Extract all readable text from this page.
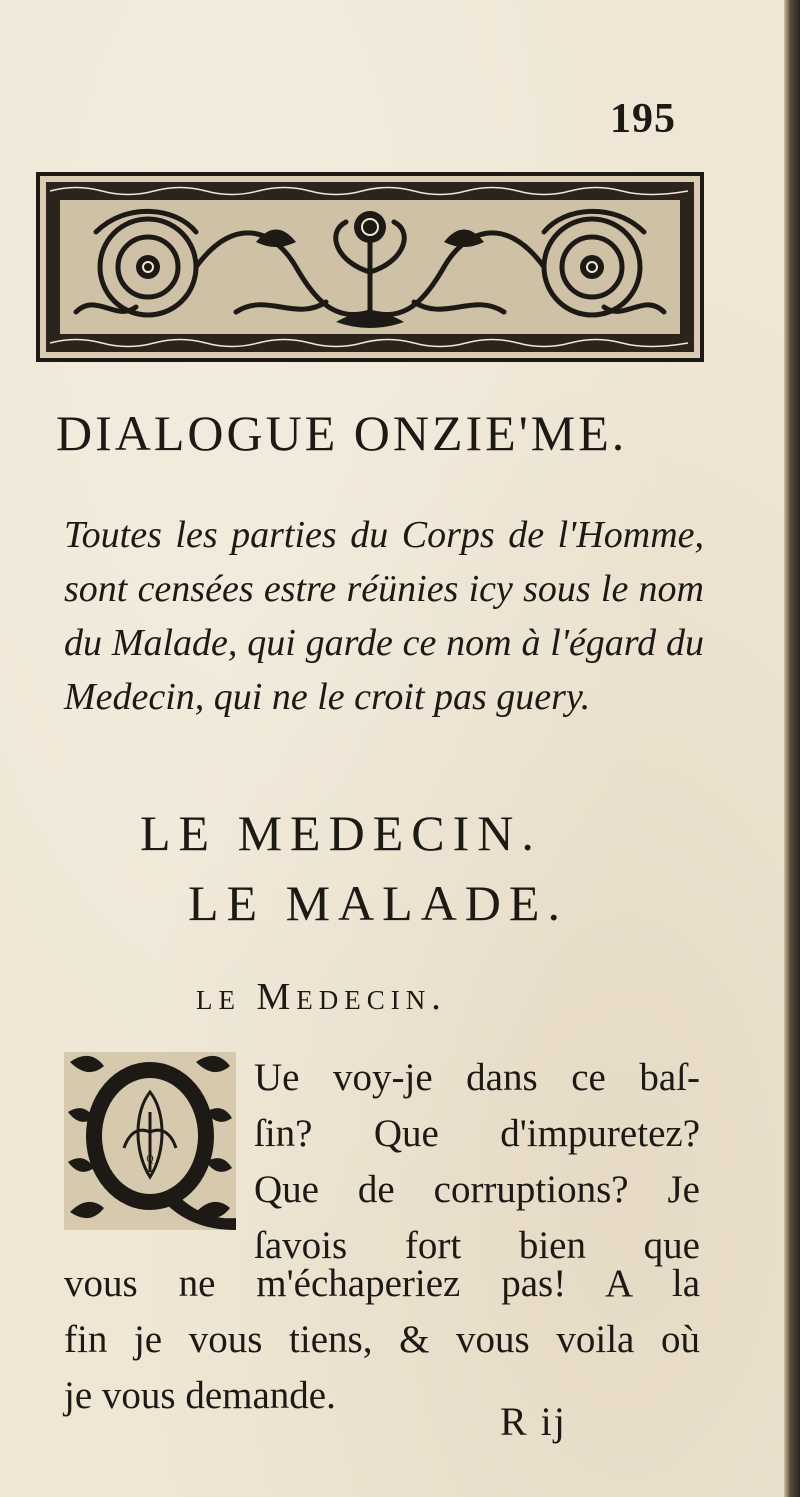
195
DIALOGUE ONZIE'ME.

Toutes les parties du Corps de l'Homme, sont censées estre réünies icy sous le nom du Malade, qui garde ce nom à l'égard du Medecin, qui ne le croit pas guery.

LE MEDECIN.
LE MALADE.
le Medecin.
Q
Ue voy-je dans ce baſ-
ſin? Que d'impuretez?
Que de corruptions? Je
ſavois fort bien que
vous ne m'échaperiez pas! A la
fin je vous tiens, & vous voila où
je vous demande.
R ij
